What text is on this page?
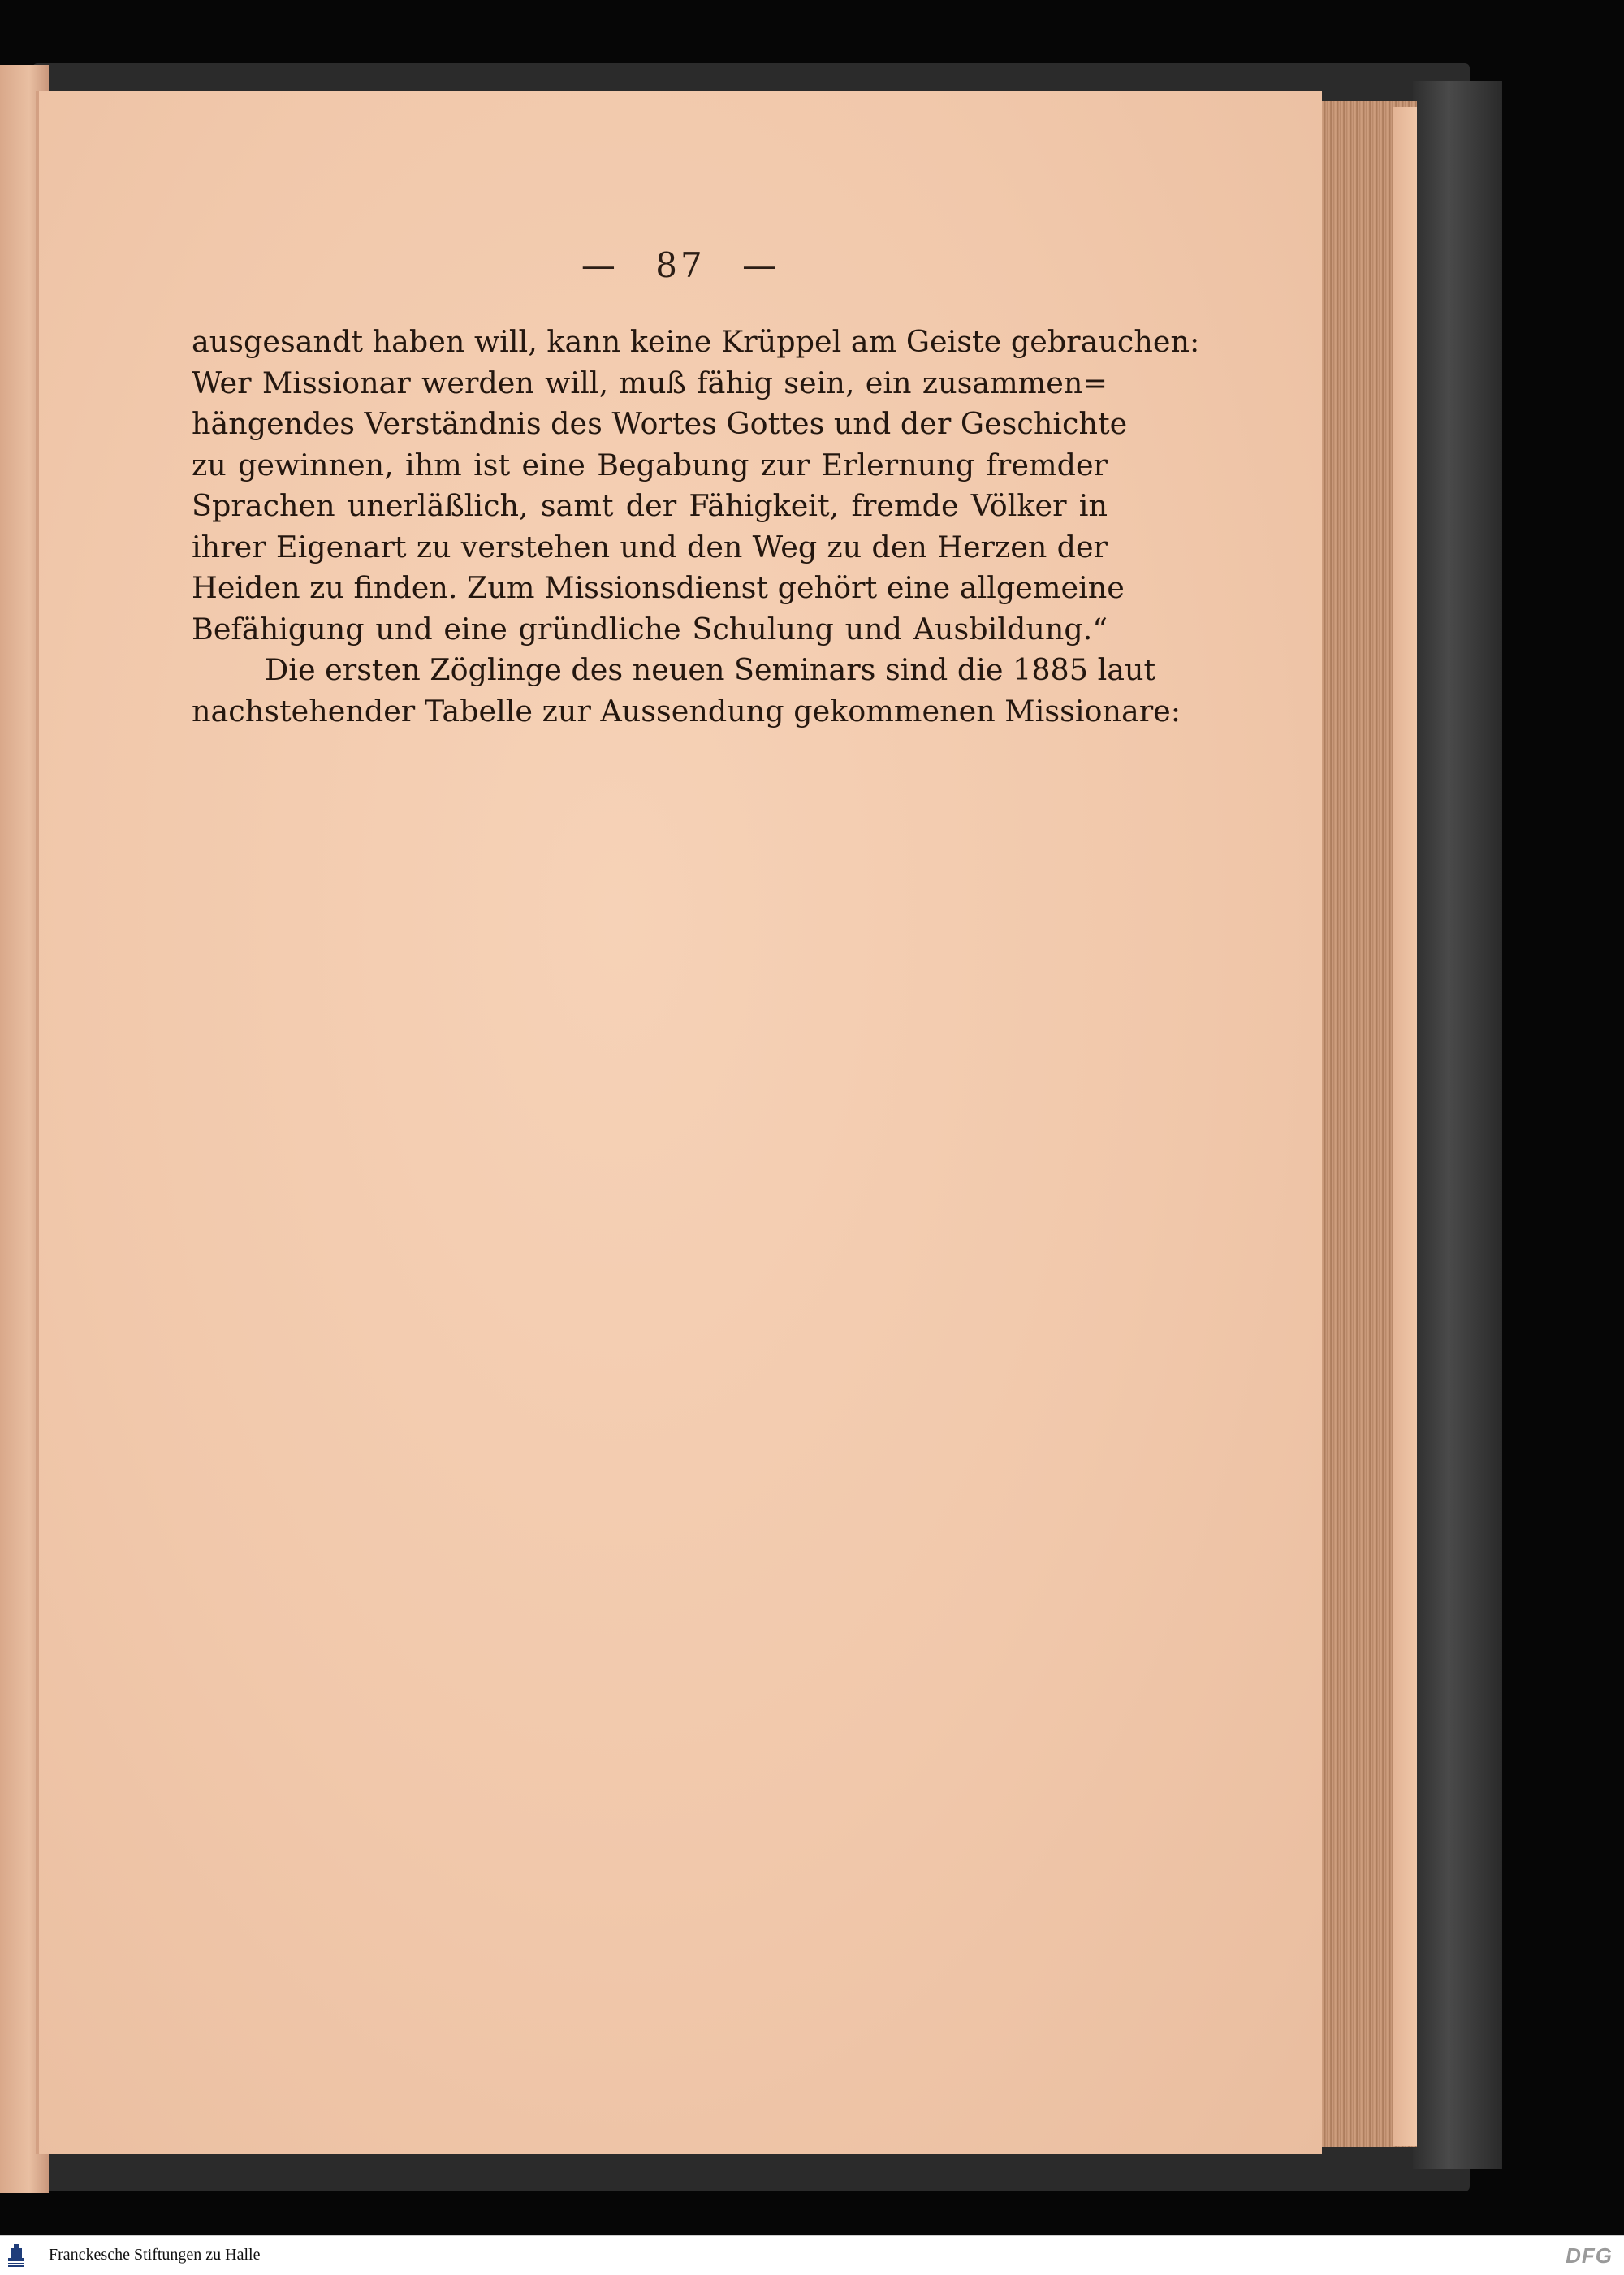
— 87 —

ausgesandt haben will, kann keine Krüppel am Geiste gebrauchen:
Wer Missionar werden will, muß fähig sein, ein zusammen=
hängendes Verständnis des Wortes Gottes und der Geschichte
zu gewinnen, ihm ist eine Begabung zur Erlernung fremder
Sprachen unerläßlich, samt der Fähigkeit, fremde Völker in
ihrer Eigenart zu verstehen und den Weg zu den Herzen der
Heiden zu finden. Zum Missionsdienst gehört eine allgemeine
Befähigung und eine gründliche Schulung und Ausbildung.“
Die ersten Zöglinge des neuen Seminars sind die 1885 laut
nachstehender Tabelle zur Aussendung gekommenen Missionare:

Franckesche Stiftungen zu Halle	DFG
